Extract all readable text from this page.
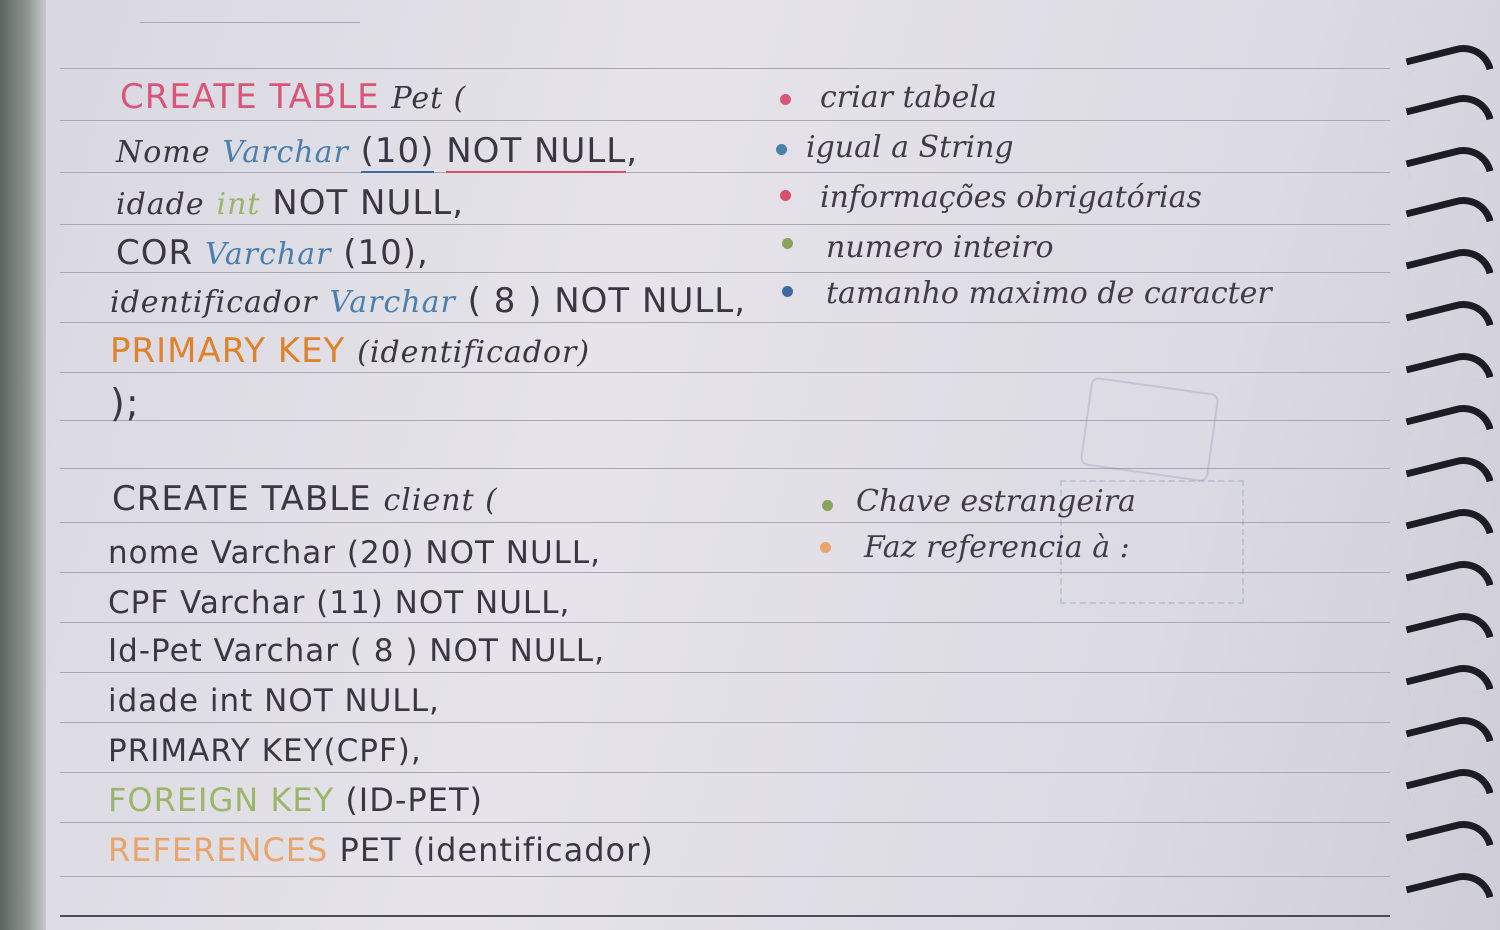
CREATE TABLE Pet (
Nome Varchar (10) NOT NULL,
idade int NOT NULL,
COR Varchar (10),
identificador Varchar ( 8 ) NOT NULL,
PRIMARY KEY (identificador)
);
criar tabela
igual a String
informações obrigatórias
numero inteiro
tamanho maximo de caracter
CREATE TABLE client (
nome Varchar (20) NOT NULL,
CPF Varchar (11) NOT NULL,
Id-Pet Varchar ( 8 ) NOT NULL,
idade int NOT NULL,
PRIMARY KEY(CPF),
FOREIGN KEY (ID-PET)
REFERENCES PET (identificador)
Chave estrangeira
Faz referencia à :
